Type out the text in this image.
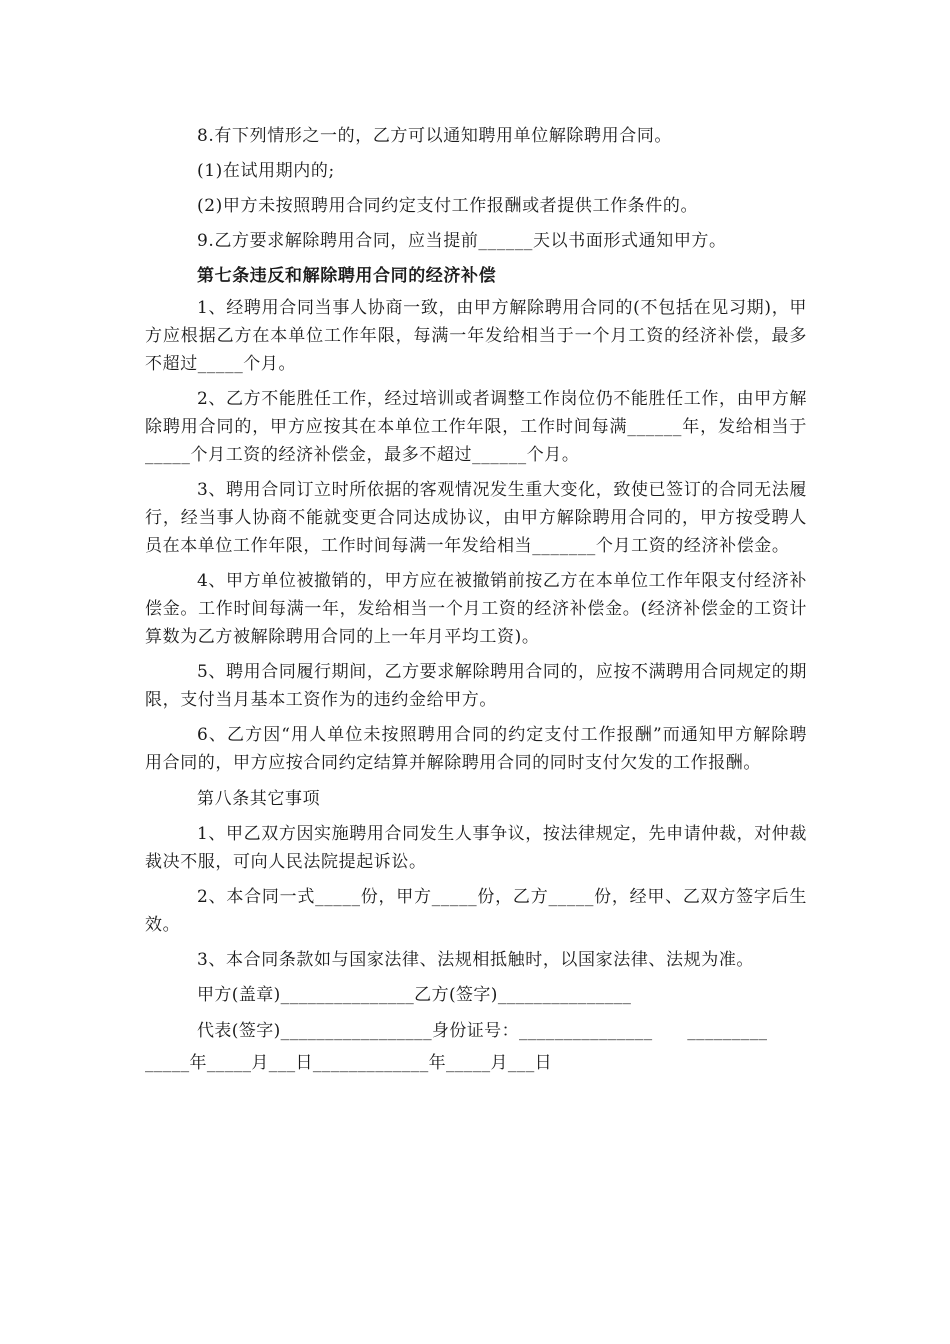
8.有下列情形之一的，乙方可以通知聘用单位解除聘用合同。

(1)在试用期内的;

(2)甲方未按照聘用合同约定支付工作报酬或者提供工作条件的。

9.乙方要求解除聘用合同，应当提前______天以书面形式通知甲方。

第七条违反和解除聘用合同的经济补偿

1、经聘用合同当事人协商一致，由甲方解除聘用合同的(不包括在见习期)，甲方应根据乙方在本单位工作年限，每满一年发给相当于一个月工资的经济补偿，最多不超过_____个月。

2、乙方不能胜任工作，经过培训或者调整工作岗位仍不能胜任工作，由甲方解除聘用合同的，甲方应按其在本单位工作年限，工作时间每满______年，发给相当于_____个月工资的经济补偿金，最多不超过______个月。

3、聘用合同订立时所依据的客观情况发生重大变化，致使已签订的合同无法履行，经当事人协商不能就变更合同达成协议，由甲方解除聘用合同的，甲方按受聘人员在本单位工作年限，工作时间每满一年发给相当_______个月工资的经济补偿金。

4、甲方单位被撤销的，甲方应在被撤销前按乙方在本单位工作年限支付经济补偿金。工作时间每满一年，发给相当一个月工资的经济补偿金。(经济补偿金的工资计算数为乙方被解除聘用合同的上一年月平均工资)。

5、聘用合同履行期间，乙方要求解除聘用合同的，应按不满聘用合同规定的期限，支付当月基本工资作为的违约金给甲方。

6、乙方因“用人单位未按照聘用合同的约定支付工作报酬”而通知甲方解除聘用合同的，甲方应按合同约定结算并解除聘用合同的同时支付欠发的工作报酬。

第八条其它事项

1、甲乙双方因实施聘用合同发生人事争议，按法律规定，先申请仲裁，对仲裁裁决不服，可向人民法院提起诉讼。

2、本合同一式_____份，甲方_____份，乙方_____份，经甲、乙双方签字后生效。

3、本合同条款如与国家法律、法规相抵触时，以国家法律、法规为准。

甲方(盖章)_______________乙方(签字)_______________

代表(签字)_________________身份证号：_______________      _________

_____年_____月___日_____________年_____月___日
